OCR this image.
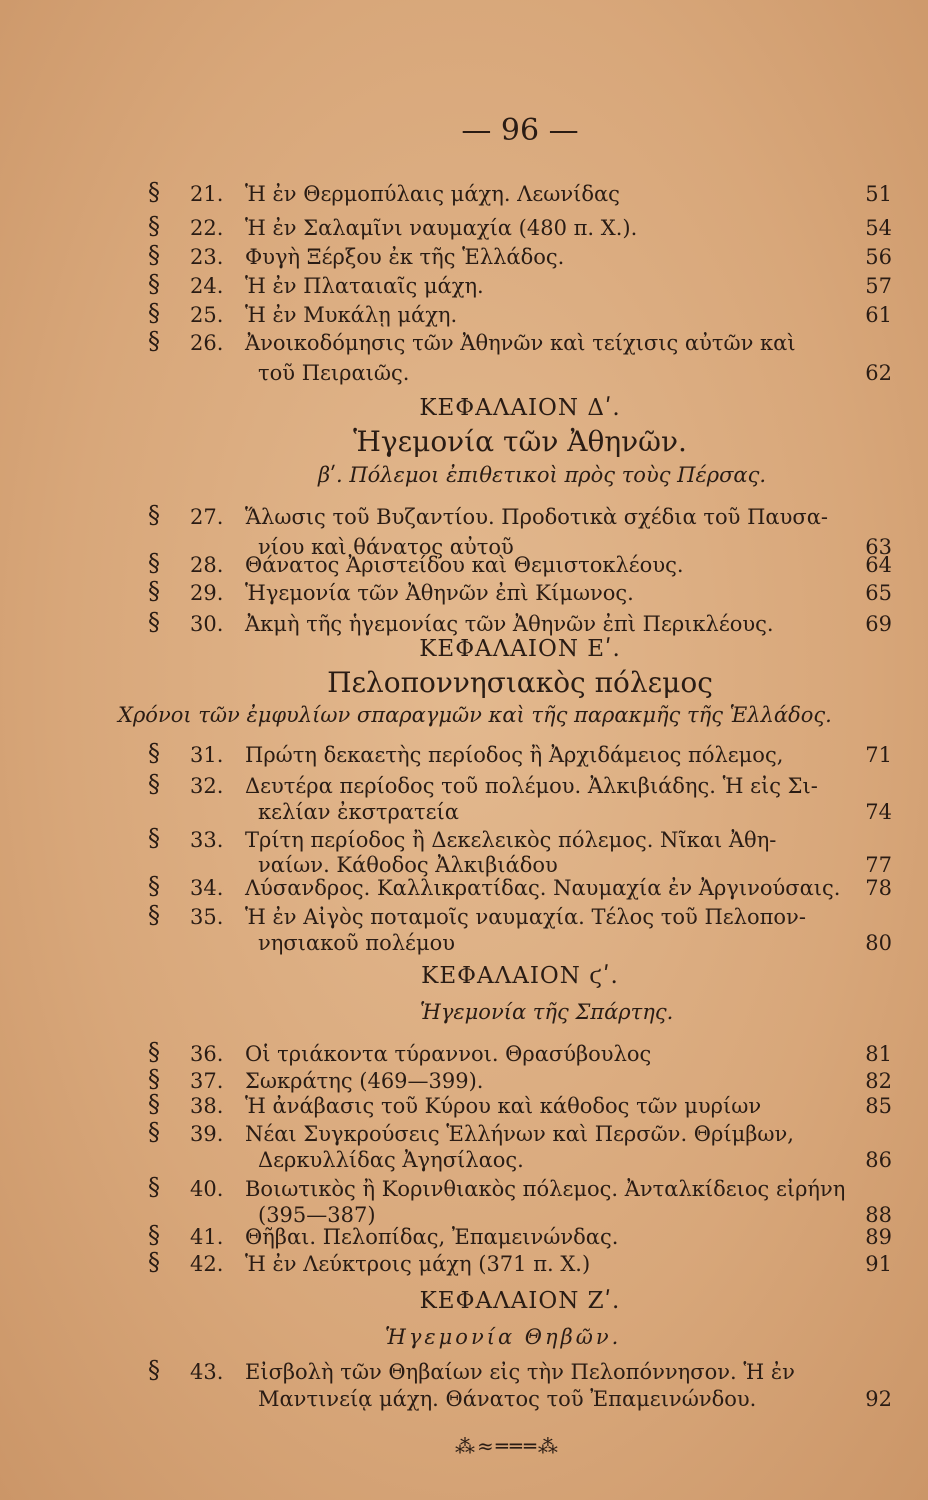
— 96 —
§	21. Ἡ ἐν Θερμοπύλαις μάχη. Λεωνίδας	51
§	22. Ἡ ἐν Σαλαμῖνι ναυμαχία (480 π. Χ.).	54
§	23. Φυγὴ Ξέρξου ἐκ τῆς Ἑλλάδος.	56
§	24. Ἡ ἐν Πλαταιαῖς μάχη.	57
§	25. Ἡ ἐν Μυκάλῃ μάχη.	61
§	26. Ἀνοικοδόμησις τῶν Ἀθηνῶν καὶ τείχισις αὐτῶν καὶ
τοῦ Πειραιῶς.	62
§	27. Ἅλωσις τοῦ Βυζαντίου. Προδοτικὰ σχέδια τοῦ Παυσα-
νίου καὶ θάνατος αὐτοῦ	63
§	28. Θάνατος Ἀριστείδου καὶ Θεμιστοκλέους.	64
§	29. Ἡγεμονία τῶν Ἀθηνῶν ἐπὶ Κίμωνος.	65
§	30. Ἀκμὴ τῆς ἡγεμονίας τῶν Ἀθηνῶν ἐπὶ Περικλέους.	69
§	31. Πρώτη δεκαετὴς περίοδος ἢ Ἀρχιδάμειος πόλεμος,	71
§	32. Δευτέρα περίοδος τοῦ πολέμου. Ἀλκιβιάδης. Ἡ εἰς Σι-
κελίαν ἐκστρατεία	74
§	33. Τρίτη περίοδος ἢ Δεκελεικὸς πόλεμος. Νῖκαι Ἀθη-
ναίων. Κάθοδος Ἀλκιβιάδου	77
§	34. Λύσανδρος. Καλλικρατίδας. Ναυμαχία ἐν Ἀργινούσαις. 78
§	35. Ἡ ἐν Αἰγὸς ποταμοῖς ναυμαχία. Τέλος τοῦ Πελοπον-
νησιακοῦ πολέμου	80
§	36. Οἱ τριάκοντα τύραννοι. Θρασύβουλος	81
§	37. Σωκράτης (469—399).	82
§	38. Ἡ ἀνάβασις τοῦ Κύρου καὶ κάθοδος τῶν μυρίων	85
§	39. Νέαι Συγκρούσεις Ἑλλήνων καὶ Περσῶν. Θρίμβων,
Δερκυλλίδας Ἀγησίλαος.	86
§	40. Βοιωτικὸς ἢ Κορινθιακὸς πόλεμος. Ἀνταλκίδειος εἰρήνη
(395—387)	88
§	41. Θῆβαι. Πελοπίδας, Ἐπαμεινώνδας.	89
§	42. Ἡ ἐν Λεύκτροις μάχη (371 π. Χ.)	91
§	43. Εἰσβολὴ τῶν Θηβαίων εἰς τὴν Πελοπόννησον. Ἡ ἐν
Μαντινείᾳ μάχη. Θάνατος τοῦ Ἐπαμεινώνδου.	92
ΚΕΦΑΛΑΙΟΝ Δʹ.
Ἡγεμονία τῶν Ἀθηνῶν.
βʹ. Πόλεμοι ἐπιθετικοὶ πρὸς τοὺς Πέρσας.
ΚΕΦΑΛΑΙΟΝ Εʹ.
Πελοποννησιακὸς πόλεμος
Χρόνοι τῶν ἐμφυλίων σπαραγμῶν καὶ τῆς παρακμῆς τῆς Ἑλλάδος.
ΚΕΦΑΛΑΙΟΝ ϛʹ.
Ἡγεμονία τῆς Σπάρτης.
ΚΕΦΑΛΑΙΟΝ Ζʹ.
Ἡγεμονία Θηβῶν.
⁂≈═══⁂
